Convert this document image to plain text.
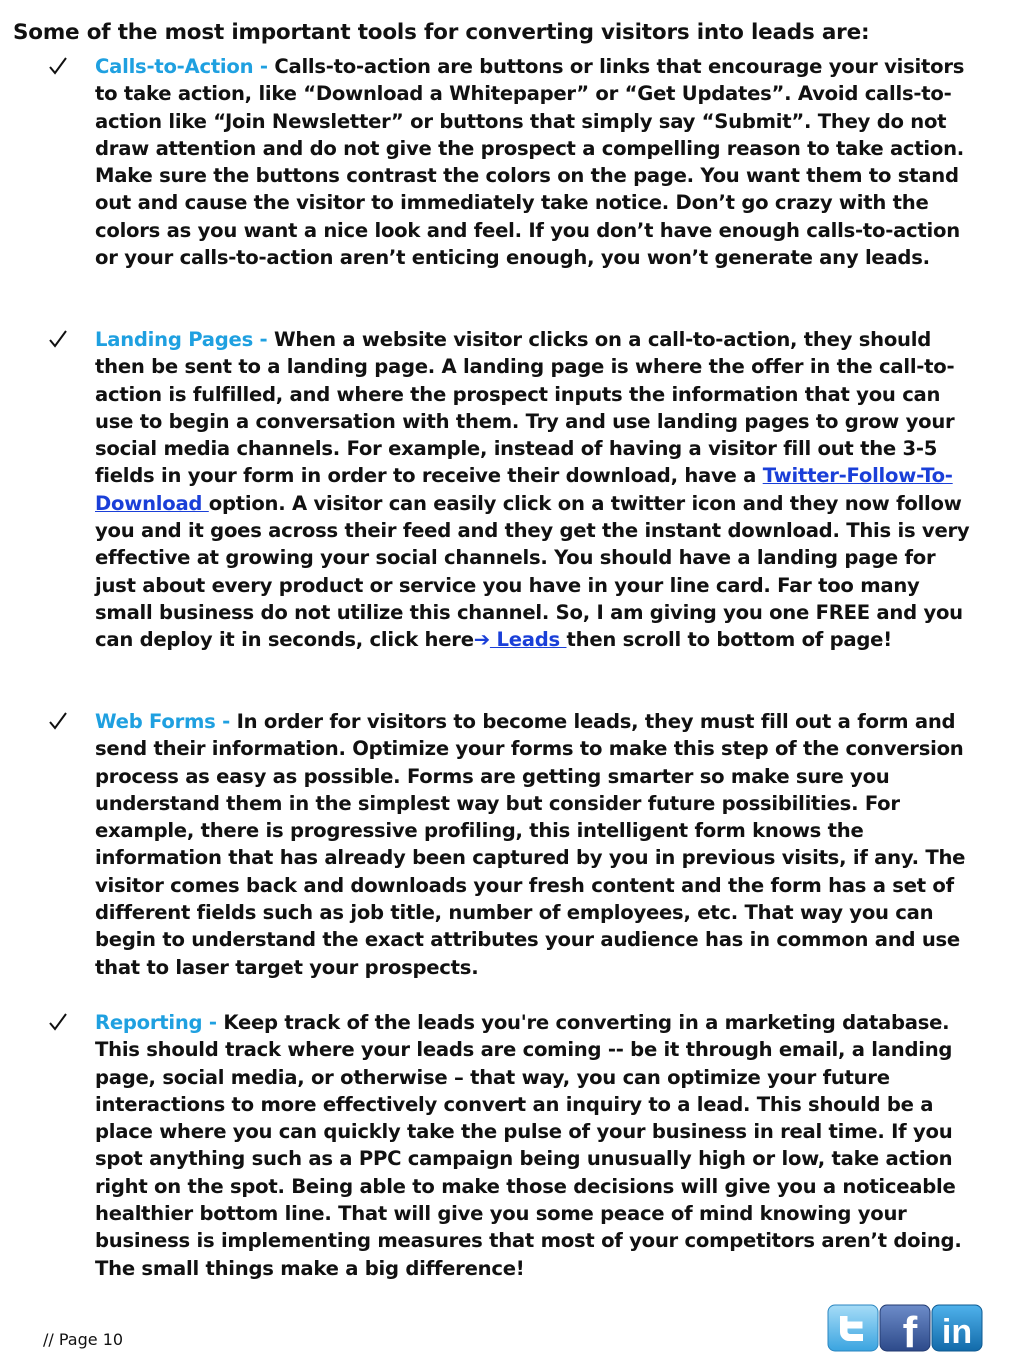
Some of the most important tools for converting visitors into leads are:

Calls-to-Action - Calls-to-action are buttons or links that encourage your visitors to take action, like “Download a Whitepaper” or “Get Updates”. Avoid calls-to-action like “Join Newsletter” or buttons that simply say “Submit”. They do not draw attention and do not give the prospect a compelling reason to take action. Make sure the buttons contrast the colors on the page. You want them to stand out and cause the visitor to immediately take notice. Don’t go crazy with the colors as you want a nice look and feel. If you don’t have enough calls-to-action or your calls-to-action aren’t enticing enough, you won’t generate any leads.

Landing Pages - When a website visitor clicks on a call-to-action, they should then be sent to a landing page. A landing page is where the offer in the call-to-action is fulfilled, and where the prospect inputs the information that you can use to begin a conversation with them. Try and use landing pages to grow your social media channels. For example, instead of having a visitor fill out the 3-5 fields in your form in order to receive their download, have a Twitter-Follow-To-Download option. A visitor can easily click on a twitter icon and they now follow you and it goes across their feed and they get the instant download. This is very effective at growing your social channels. You should have a landing page for just about every product or service you have in your line card. Far too many small business do not utilize this channel. So, I am giving you one FREE and you can deploy it in seconds, click here➔ Leads then scroll to bottom of page!

Web Forms - In order for visitors to become leads, they must fill out a form and send their information. Optimize your forms to make this step of the conversion process as easy as possible. Forms are getting smarter so make sure you understand them in the simplest way but consider future possibilities. For example, there is progressive profiling, this intelligent form knows the information that has already been captured by you in previous visits, if any. The visitor comes back and downloads your fresh content and the form has a set of different fields such as job title, number of employees, etc. That way you can begin to understand the exact attributes your audience has in common and use that to laser target your prospects.

Reporting - Keep track of the leads you're converting in a marketing database. This should track where your leads are coming -- be it through email, a landing page, social media, or otherwise – that way, you can optimize your future interactions to more effectively convert an inquiry to a lead. This should be a place where you can quickly take the pulse of your business in real time. If you spot anything such as a PPC campaign being unusually high or low, take action right on the spot. Being able to make those decisions will give you a noticeable healthier bottom line. That will give you some peace of mind knowing your business is implementing measures that most of your competitors aren’t doing. The small things make a big difference!

// Page 10	f in
